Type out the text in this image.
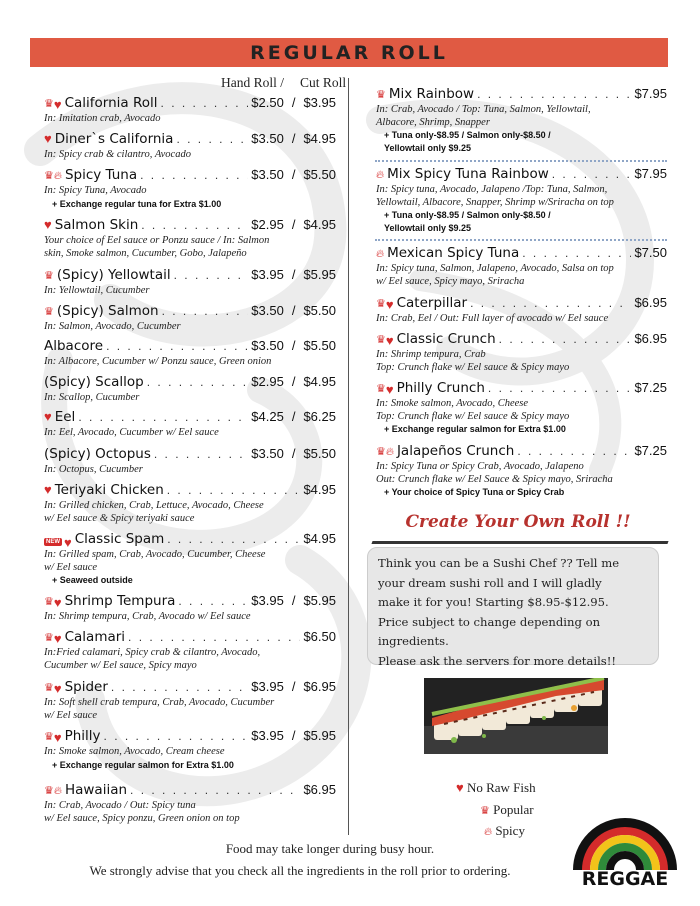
REGULAR ROLL
Hand Roll / Cut Roll
♛ ♥ California Roll . . .	$2.50 / $3.95
In: Imitation crab, Avocado
♥ Diner`s California . . .	$3.50 / $4.95
In: Spicy crab & cilantro, Avocado
♛ 🔥︎ Spicy Tuna . . .	$3.50 / $5.50
In: Spicy Tuna, Avocado
+ Exchange regular tuna for Extra $1.00
♥ Salmon Skin . . .	$2.95 / $4.95
Your choice of Eel sauce or Ponzu sauce / In: Salmon
skin, Smoke salmon, Cucumber, Gobo, Jalapeño
♛ (Spicy) Yellowtail . . .	$3.95 / $5.95
In: Yellowtail, Cucumber
♛ (Spicy) Salmon . . .	$3.50 / $5.50
In: Salmon, Avocado, Cucumber
Albacore . . .	$3.50 / $5.50
In: Albacore, Cucumber w/ Ponzu sauce, Green onion
(Spicy) Scallop . . .	$2.95 / $4.95
In: Scallop, Cucumber
♥ Eel . . .	$4.25 / $6.25
In: Eel, Avocado, Cucumber w/ Eel sauce
(Spicy) Octopus . . .	$3.50 / $5.50
In: Octopus, Cucumber
♥ Teriyaki Chicken . . .	$4.95
In: Grilled chicken, Crab, Lettuce, Avocado, Cheese
w/ Eel sauce & Spicy teriyaki sauce
NEW ♥ Classic Spam . . .	$4.95
In: Grilled spam, Crab, Avocado, Cucumber, Cheese
w/ Eel sauce
+ Seaweed outside
♛ ♥ Shrimp Tempura . . .	$3.95 / $5.95
In: Shrimp tempura, Crab, Avocado w/ Eel sauce
♛ ♥ Calamari . . .	$6.50
In:Fried calamari, Spicy crab & cilantro, Avocado,
Cucumber w/ Eel sauce, Spicy mayo
♛ ♥ Spider . . .	$3.95 / $6.95
In: Soft shell crab tempura, Crab, Avocado, Cucumber
w/ Eel sauce
♛ ♥ Philly . . .	$3.95 / $5.95
In: Smoke salmon, Avocado, Cream cheese
+ Exchange regular salmon for Extra $1.00
♛ 🔥︎ Hawaiian . . .	$6.95
In: Crab, Avocado / Out: Spicy tuna
w/ Eel sauce, Spicy ponzu, Green onion on top
♛ Mix Rainbow . . .	$7.95
In: Crab, Avocado / Top: Tuna, Salmon, Yellowtail,
Albacore, Shrimp, Snapper
+ Tuna only-$8.95 / Salmon only-$8.50 /
Yellowtail only $9.25
🔥︎ Mix Spicy Tuna Rainbow . . .	$7.95
In: Spicy tuna, Avocado, Jalapeno /Top: Tuna, Salmon,
Yellowtail, Albacore, Snapper, Shrimp w/Sriracha on top
+ Tuna only-$8.95 / Salmon only-$8.50 /
Yellowtail only $9.25
🔥︎ Mexican Spicy Tuna . . .	$7.50
In: Spicy tuna, Salmon, Jalapeno, Avocado, Salsa on top
w/ Eel sauce, Spicy mayo, Sriracha
♛ ♥ Caterpillar . . .	$6.95
In: Crab, Eel / Out: Full layer of avocado w/ Eel sauce
♛ ♥ Classic Crunch . . .	$6.95
In: Shrimp tempura, Crab
Top: Crunch flake w/ Eel sauce & Spicy mayo
♛ ♥ Philly Crunch . . .	$7.25
In: Smoke salmon, Avocado, Cheese
Top: Crunch flake w/ Eel sauce & Spicy mayo
+ Exchange regular salmon for Extra $1.00
♛ 🔥︎ Jalapeños Crunch . . .	$7.25
In: Spicy Tuna or Spicy Crab, Avocado, Jalapeno
Out: Crunch flake w/ Eel Sauce & Spicy mayo, Sriracha
+ Your choice of Spicy Tuna or Spicy Crab
Create Your Own Roll !!
Think you can be a Sushi Chef ?? Tell me
your dream sushi roll and I will gladly
make it for you! Starting $8.95-$12.95.
Price subject to change depending on
ingredients.
Please ask the servers for more details!!
♥ No Raw Fish
♛ Popular
🔥︎ Spicy
Food may take longer during busy hour.
We strongly advise that you check all the ingredients in the roll prior to ordering.	REGGAE
